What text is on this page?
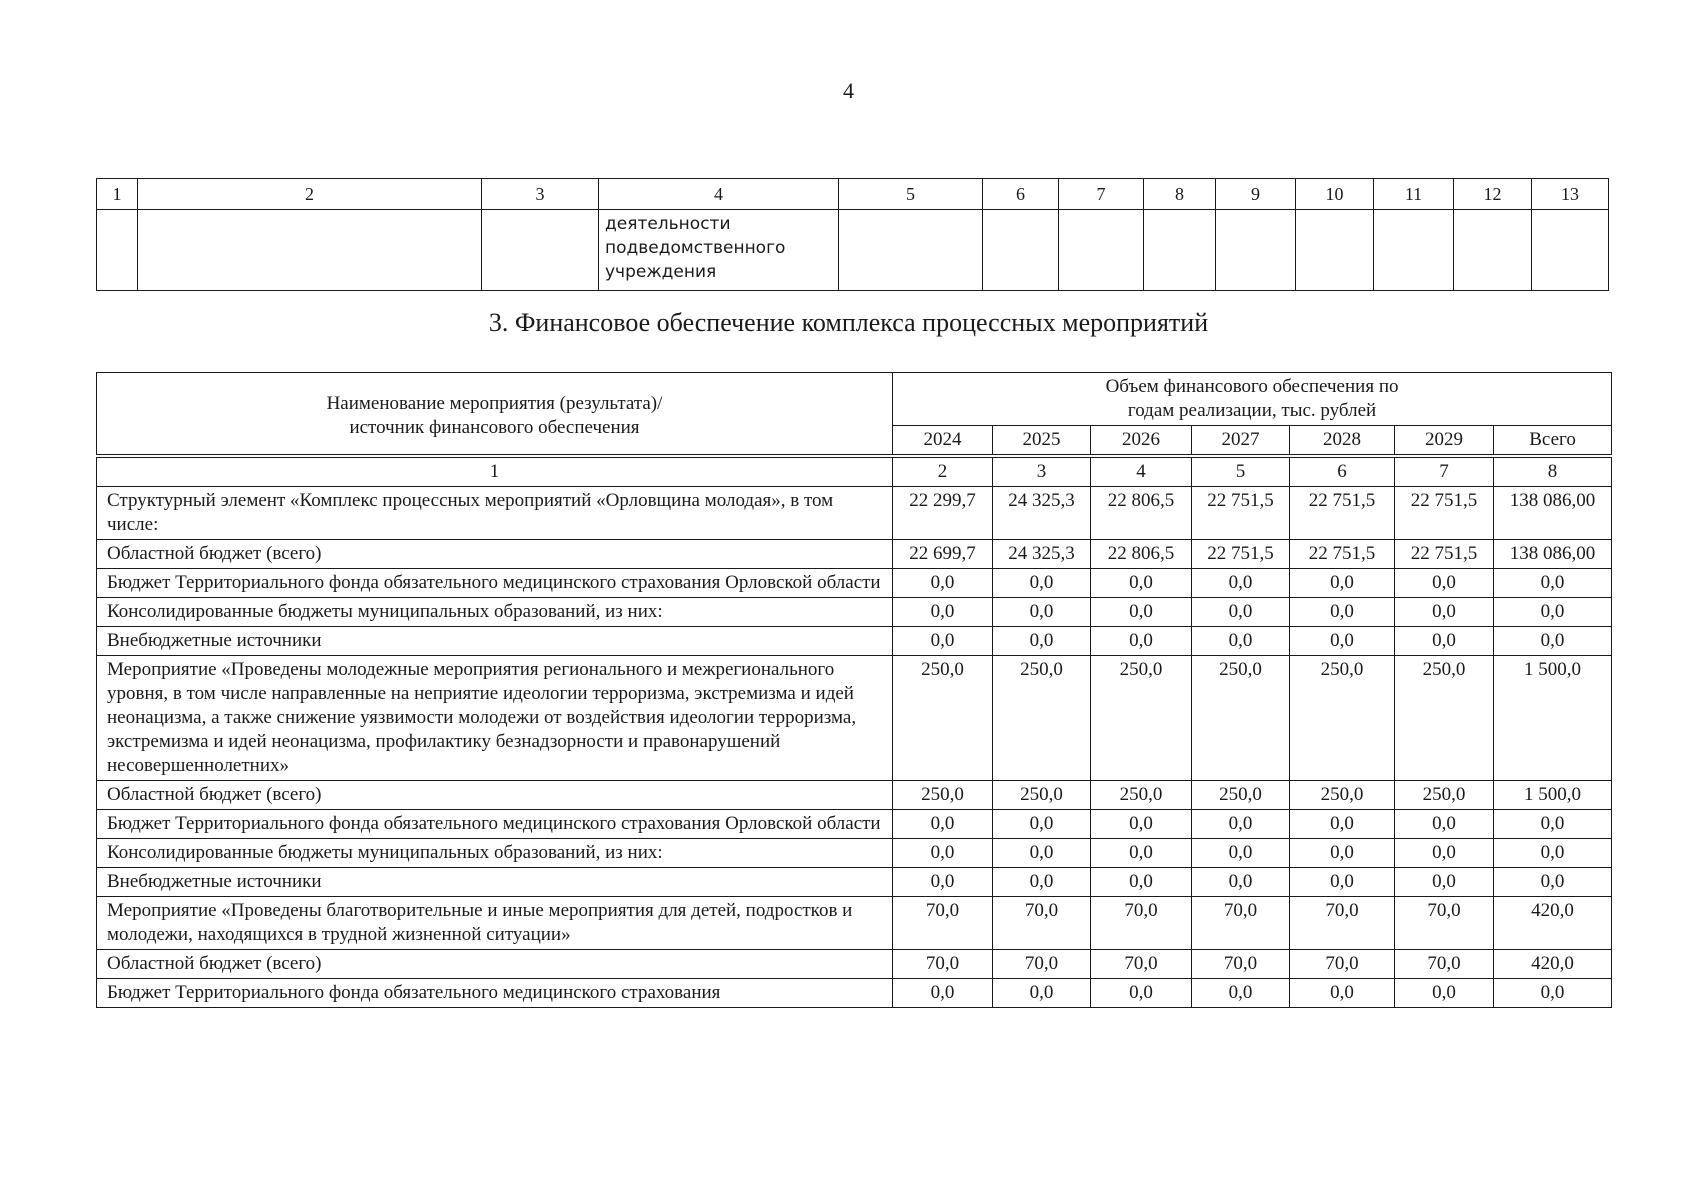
4
1	2	3	4	5	6	7	8	9	10	11	12	13
			деятельности подведомственного учреждения									
3. Финансовое обеспечение комплекса процессных мероприятий
Наименование мероприятия (результата)/ источник финансового обеспечения	Объем финансового обеспечения по годам реализации, тыс. рублей						
	2024	2025	2026	2027	2028	2029	Всего

1	2	3	4	5	6	7	8
Структурный элемент «Комплекс процессных мероприятий «Орловщина молодая», в том числе:	22 299,7	24 325,3	22 806,5	22 751,5	22 751,5	22 751,5	138 086,00
Областной бюджет (всего)	22 699,7	24 325,3	22 806,5	22 751,5	22 751,5	22 751,5	138 086,00
Бюджет Территориального фонда обязательного медицинского страхования Орловской области	0,0	0,0	0,0	0,0	0,0	0,0	0,0
Консолидированные бюджеты муниципальных образований, из них:	0,0	0,0	0,0	0,0	0,0	0,0	0,0
Внебюджетные источники	0,0	0,0	0,0	0,0	0,0	0,0	0,0
Мероприятие «Проведены молодежные мероприятия регионального и межрегионального уровня, в том числе направленные на неприятие идеологии терроризма, экстремизма и идей неонацизма, а также снижение уязвимости молодежи от воздействия идеологии терроризма, экстремизма и идей неонацизма, профилактику безнадзорности и правонарушений несовершеннолетних»	250,0	250,0	250,0	250,0	250,0	250,0	1 500,0
Областной бюджет (всего)	250,0	250,0	250,0	250,0	250,0	250,0	1 500,0
Бюджет Территориального фонда обязательного медицинского страхования Орловской области	0,0	0,0	0,0	0,0	0,0	0,0	0,0
Консолидированные бюджеты муниципальных образований, из них:	0,0	0,0	0,0	0,0	0,0	0,0	0,0
Внебюджетные источники	0,0	0,0	0,0	0,0	0,0	0,0	0,0
Мероприятие «Проведены благотворительные и иные мероприятия для детей, подростков и молодежи, находящихся в трудной жизненной ситуации»	70,0	70,0	70,0	70,0	70,0	70,0	420,0
Областной бюджет (всего)	70,0	70,0	70,0	70,0	70,0	70,0	420,0
Бюджет Территориального фонда обязательного медицинского страхования	0,0	0,0	0,0	0,0	0,0	0,0	0,0
